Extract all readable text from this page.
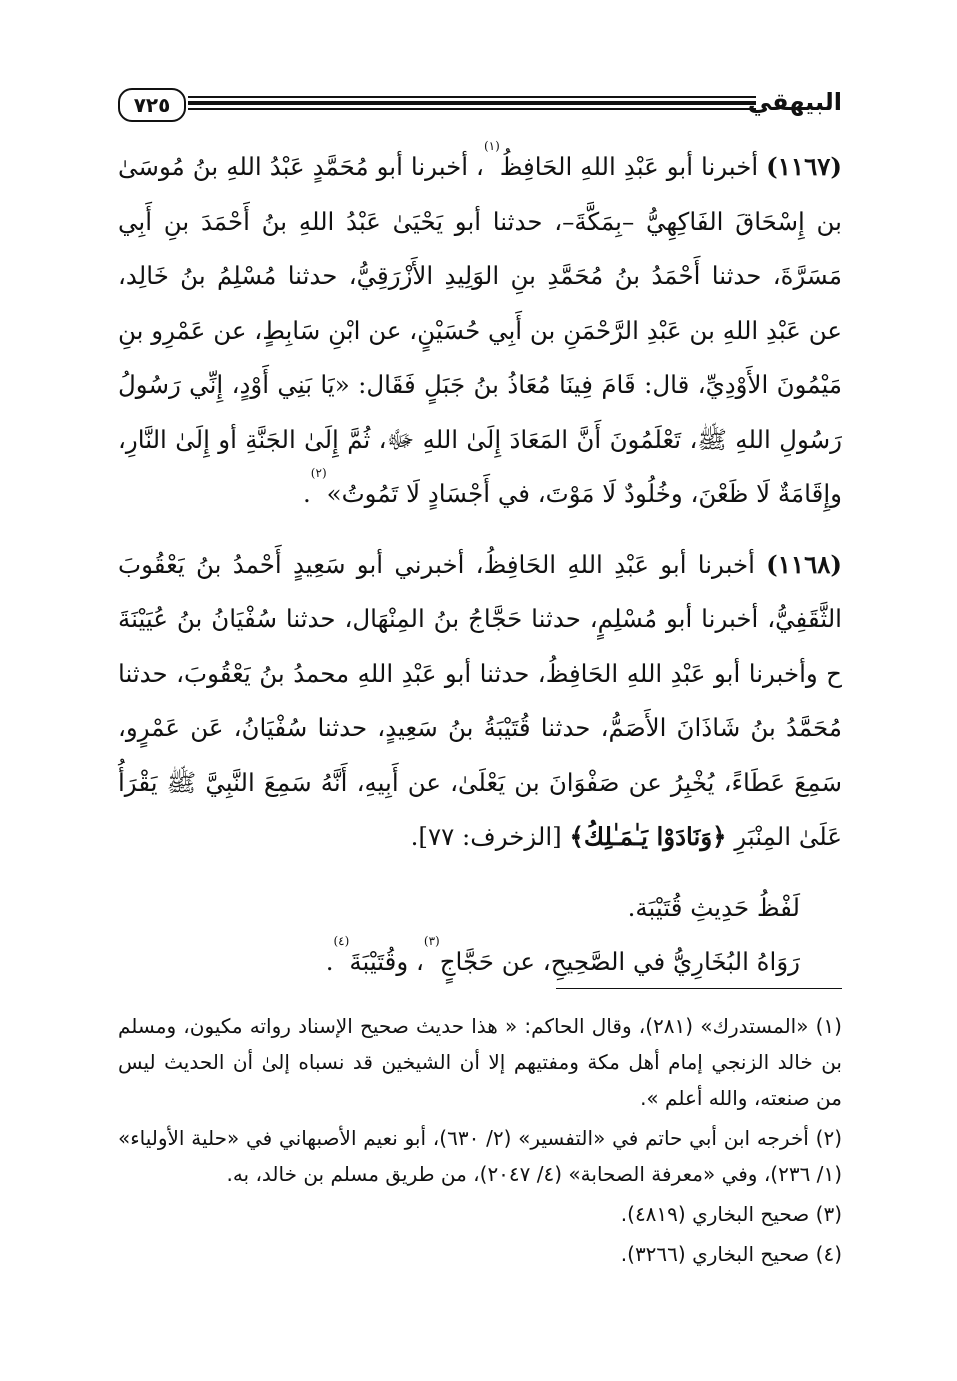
٧٢٥	البيهقي

(١١٦٧) أخبرنا أبو عَبْدِ اللهِ الحَافِظُ$^{(١)}$، أخبرنا أبو مُحَمَّدٍ عَبْدُ اللهِ بنُ مُوسَىٰ بن إِسْحَاقَ الفَاكِهِيُّ –بِمَكَّةَ–، حدثنا أبو يَحْيَىٰ عَبْدُ اللهِ بنُ أَحْمَدَ بنِ أَبِي مَسَرَّةَ، حدثنا أَحْمَدُ بنُ مُحَمَّدِ بنِ الوَلِيدِ الأَزْرَقِيُّ، حدثنا مُسْلِمُ بنُ خَالِد، عن عَبْدِ اللهِ بن عَبْدِ الرَّحْمَنِ بن أَبِي حُسَيْنٍ، عن ابْنِ سَابِطٍ، عن عَمْرِو بنِ مَيْمُونَ الأَوْدِيِّ، قال: قَامَ فِينَا مُعَاذُ بنُ جَبَلٍ فَقَال: «يَا بَنِي أَوْدٍ، إِنِّي رَسُولُ رَسُولِ اللهِ ﷺ، تَعْلَمُونَ أَنَّ المَعَادَ إِلَىٰ اللهِ ﷻ، ثُمَّ إِلَىٰ الجَنَّةِ أو إِلَىٰ النَّارِ، وإِقَامَةٌ لَا ظَعْنَ، وخُلُودٌ لَا مَوْتَ، في أَجْسَادٍ لَا تَمُوتُ»$^{(٢)}$.

(١١٦٨) أخبرنا أبو عَبْدِ اللهِ الحَافِظُ، أخبرني أبو سَعِيدٍ أَحْمدُ بنُ يَعْقُوبَ الثَّقَفِيُّ، أخبرنا أبو مُسْلِمٍ، حدثنا حَجَّاجُ بنُ المِنْهَال، حدثنا سُفْيَانُ بنُ عُيَيْنَةَ ح وأخبرنا أبو عَبْدِ اللهِ الحَافِظُ، حدثنا أبو عَبْدِ اللهِ محمدُ بنُ يَعْقُوبَ، حدثنا مُحَمَّدُ بنُ شَاذَانَ الأَصَمُّ، حدثنا قُتَيْبَةُ بنُ سَعِيدٍ، حدثنا سُفْيَانُ، عَن عَمْرٍو، سَمِعَ عَطَاءً، يُخْبِرُ عن صَفْوَانَ بن يَعْلَىٰ، عن أَبِيهِ، أَنَّهُ سَمِعَ النَّبِيَّ ﷺ يَقْرَأُ عَلَىٰ المِنْبَرِ ﴿وَنَادَوْا يَـٰمَـٰلِكُ﴾ [الزخرف: ٧٧].

لَفْظُ حَدِيثِ قُتَيْبَة.

رَوَاهُ البُخَارِيُّ في الصَّحِيحِ، عن حَجَّاجٍ$^{(٣)}$، وقُتَيْبَةَ$^{(٤)}$.

(١) «المستدرك» (٢٨١)، وقال الحاكم: « هذا حديث صحيح الإسناد رواته مكيون، ومسلم بن خالد الزنجي إمام أهل مكة ومفتيهم إلا أن الشيخين قد نسباه إلىٰ أن الحديث ليس من صنعته، والله أعلم ».

(٢) أخرجه ابن أبي حاتم في «التفسير» (٢/ ٦٣٠)، أبو نعيم الأصبهاني في «حلية الأولياء» (١/ ٢٣٦)، وفي «معرفة الصحابة» (٤/ ٢٠٤٧)، من طريق مسلم بن خالد، به.

(٣) صحيح البخاري (٤٨١٩).

(٤) صحيح البخاري (٣٢٦٦).
